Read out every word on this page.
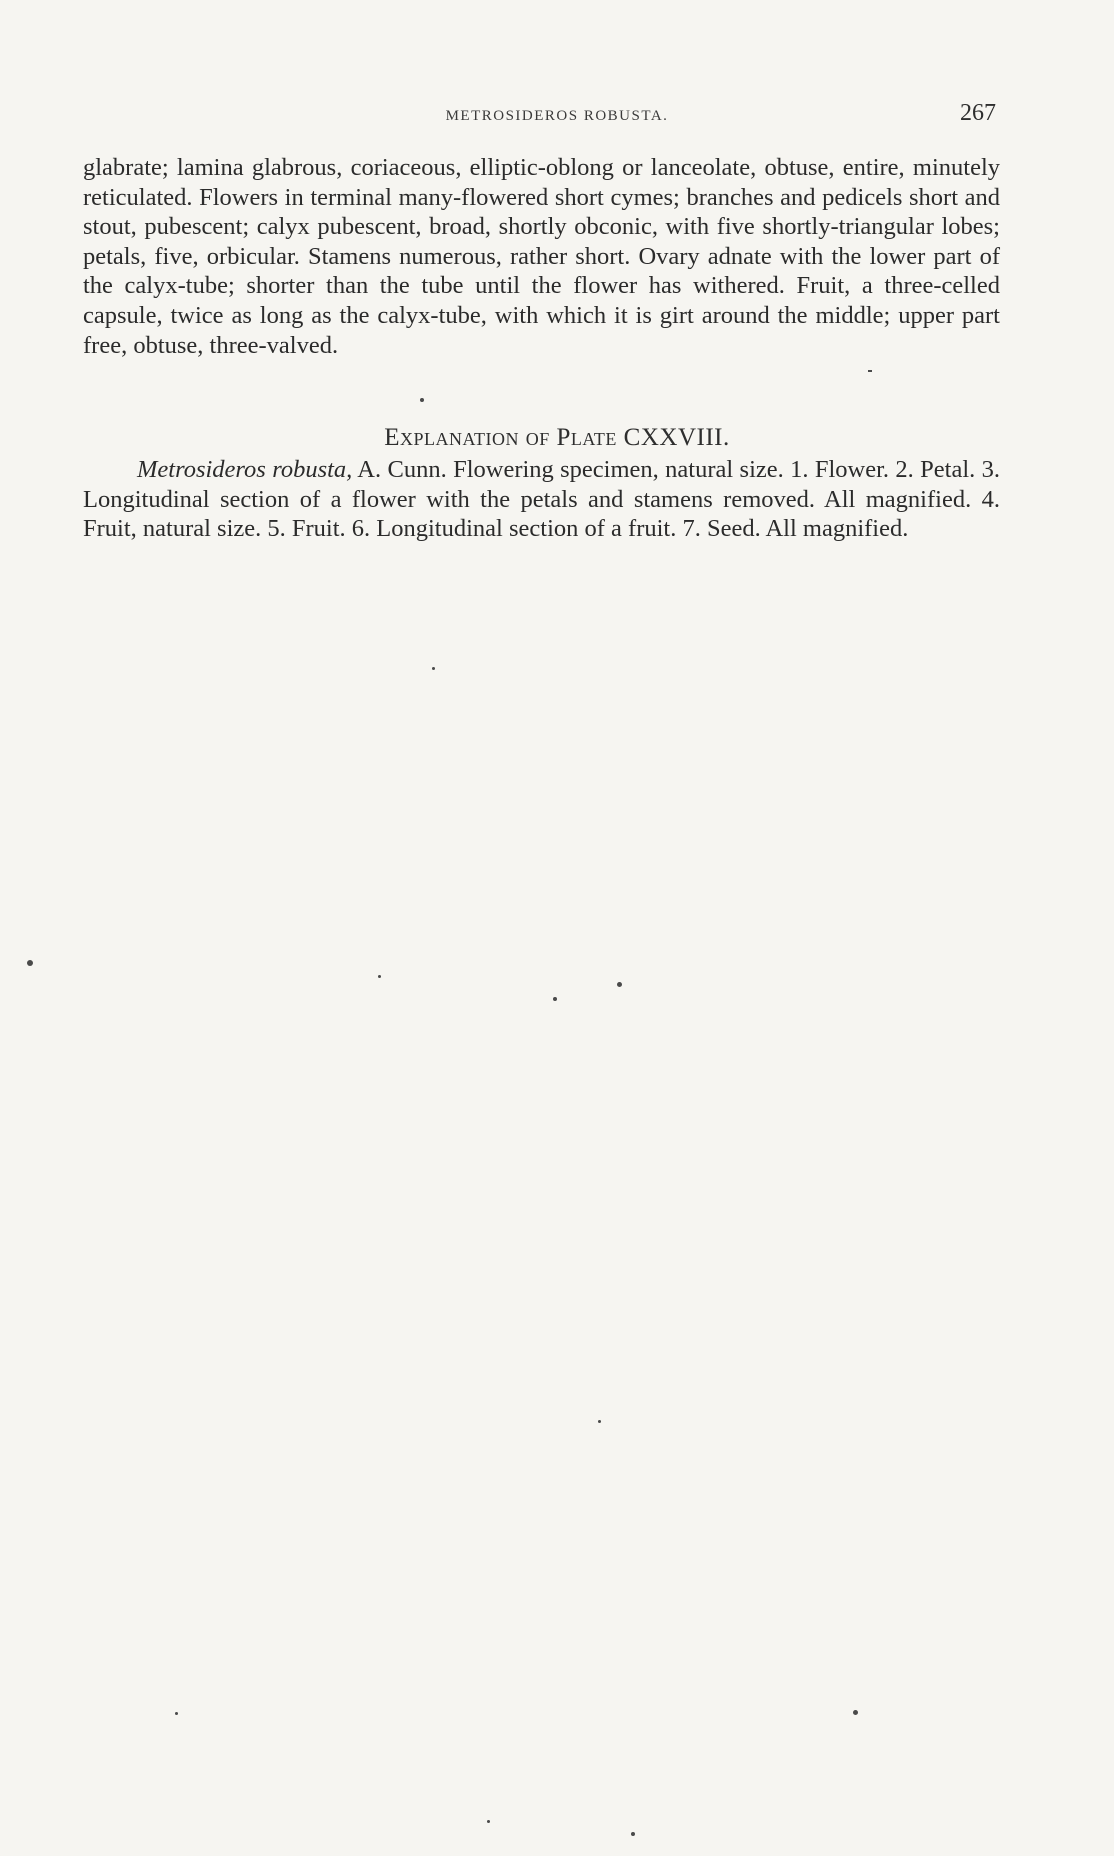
METROSIDEROS ROBUSTA.	267

glabrate; lamina glabrous, coriaceous, elliptic-oblong or lanceolate, obtuse, entire, minutely reticulated. Flowers in terminal many-flowered short cymes; branches and pedicels short and stout, pubescent; calyx pubescent, broad, shortly obconic, with five shortly-triangular lobes; petals, five, orbicular. Stamens numerous, rather short. Ovary adnate with the lower part of the calyx-tube; shorter than the tube until the flower has withered. Fruit, a three-celled capsule, twice as long as the calyx-tube, with which it is girt around the middle; upper part free, obtuse, three-valved.

Explanation of Plate CXXVIII.

Metrosideros robusta, A. Cunn. Flowering specimen, natural size. 1. Flower. 2. Petal. 3. Longitudinal section of a flower with the petals and stamens removed. All magnified. 4. Fruit, natural size. 5. Fruit. 6. Longitudinal section of a fruit. 7. Seed. All magnified.
